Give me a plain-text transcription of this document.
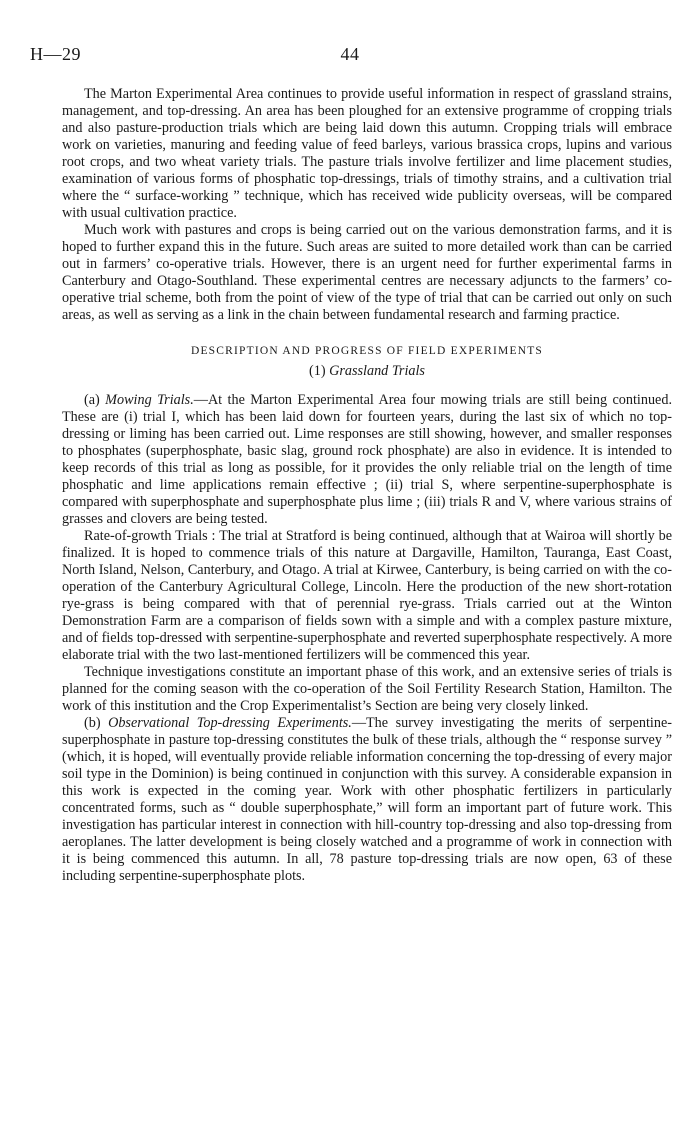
H—29	44

The Marton Experimental Area continues to provide useful information in respect of grassland strains, management, and top-dressing. An area has been ploughed for an extensive programme of cropping trials and also pasture-production trials which are being laid down this autumn. Cropping trials will embrace work on varieties, manuring and feeding value of feed barleys, various brassica crops, lupins and various root crops, and two wheat variety trials. The pasture trials involve fertilizer and lime placement studies, examination of various forms of phosphatic top-dressings, trials of timothy strains, and a cultivation trial where the “ surface-working ” technique, which has received wide publicity overseas, will be compared with usual cultivation practice.

Much work with pastures and crops is being carried out on the various demonstration farms, and it is hoped to further expand this in the future. Such areas are suited to more detailed work than can be carried out in farmers’ co-operative trials. However, there is an urgent need for further experimental farms in Canterbury and Otago-Southland. These experimental centres are necessary adjuncts to the farmers’ co-operative trial scheme, both from the point of view of the type of trial that can be carried out only on such areas, as well as serving as a link in the chain between fundamental research and farming practice.

DESCRIPTION AND PROGRESS OF FIELD EXPERIMENTS
(1) Grassland Trials

(a) Mowing Trials.—At the Marton Experimental Area four mowing trials are still being continued. These are (i) trial I, which has been laid down for fourteen years, during the last six of which no top-dressing or liming has been carried out. Lime responses are still showing, however, and smaller responses to phosphates (superphosphate, basic slag, ground rock phosphate) are also in evidence. It is intended to keep records of this trial as long as possible, for it provides the only reliable trial on the length of time phosphatic and lime applications remain effective ; (ii) trial S, where serpentine-superphosphate is compared with superphosphate and superphosphate plus lime ; (iii) trials R and V, where various strains of grasses and clovers are being tested.

Rate-of-growth Trials : The trial at Stratford is being continued, although that at Wairoa will shortly be finalized. It is hoped to commence trials of this nature at Dargaville, Hamilton, Tauranga, East Coast, North Island, Nelson, Canterbury, and Otago. A trial at Kirwee, Canterbury, is being carried on with the co-operation of the Canterbury Agricultural College, Lincoln. Here the production of the new short-rotation rye-grass is being compared with that of perennial rye-grass. Trials carried out at the Winton Demonstration Farm are a comparison of fields sown with a simple and with a complex pasture mixture, and of fields top-dressed with serpentine-superphosphate and reverted superphosphate respectively. A more elaborate trial with the two last-mentioned fertilizers will be commenced this year.

Technique investigations constitute an important phase of this work, and an extensive series of trials is planned for the coming season with the co-operation of the Soil Fertility Research Station, Hamilton. The work of this institution and the Crop Experimentalist’s Section are being very closely linked.

(b) Observational Top-dressing Experiments.—The survey investigating the merits of serpentine-superphosphate in pasture top-dressing constitutes the bulk of these trials, although the “ response survey ” (which, it is hoped, will eventually provide reliable information concerning the top-dressing of every major soil type in the Dominion) is being continued in conjunction with this survey. A considerable expansion in this work is expected in the coming year. Work with other phosphatic fertilizers in particularly concentrated forms, such as “ double superphosphate,” will form an important part of future work. This investigation has particular interest in connection with hill-country top-dressing and also top-dressing from aeroplanes. The latter development is being closely watched and a programme of work in connection with it is being commenced this autumn. In all, 78 pasture top-dressing trials are now open, 63 of these including serpentine-superphosphate plots.
